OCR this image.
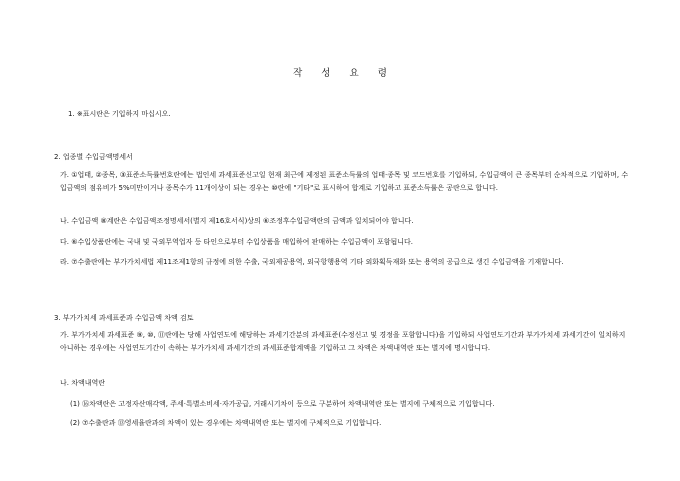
작 성 요 령
1. ※표시란은 기입하지 마십시오.
2. 업종별 수입금액명세서
가. ①업태, ②종목, ③표준소득률번호란에는 법인세 과세표준신고일 현재 최근에 제정된 표준소득률의 업태·종목 및 코드번호를 기입하되, 수입금액이 큰 종목부터 순차적으로 기입하며, 수입금액의 점유비가 5%미만이거나 종목수가 11개이상이 되는 경우는 ⑩란에 "기타"로 표시하여 합계로 기입하고 표준소득률은 공란으로 합니다.
나. 수입금액 ⑧계란은 수입금액조정명세서(별지 제16호서식)상의 ⑥조정후수입금액란의 금액과 일치되어야 합니다.
다. ⑥수입상품란에는 국내 및 국외무역업자 등 타인으로부터 수입상품을 매입하여 판매하는 수입금액이 포함됩니다.
라. ⑦수출란에는 부가가치세법 제11조제1항의 규정에 의한 수출, 국외제공용역, 외국항행용역 기타 외화획득재화 또는 용역의 공급으로 생긴 수입금액을 기재합니다.
3. 부가가치세 과세표준과 수입금액 차액 검토
가. 부가가치세 과세표준 ⑨, ⑩, ⑪란에는 당해 사업연도에 해당하는 과세기간분의 과세표준(수정신고 및 경정을 포함합니다)을 기입하되 사업연도기간과 부가가치세 과세기간이 일치하지 아니하는 경우에는 사업연도기간이 속하는 부가가치세 과세기간의 과세표준합계액을 기입하고 그 차액은 차액내역란 또는 별지에 명시합니다.
나. 차액내역란
(1) ⑯차액란은 고정자산매각액, 주세·특별소비세·자가공급, 거래시기차이 등으로 구분하여 차액내역란 또는 별지에 구체적으로 기입합니다.
(2) ⑦수출란과 ⑬영세율란과의 차액이 있는 경우에는 차액내역란 또는 별지에 구체적으로 기입합니다.
